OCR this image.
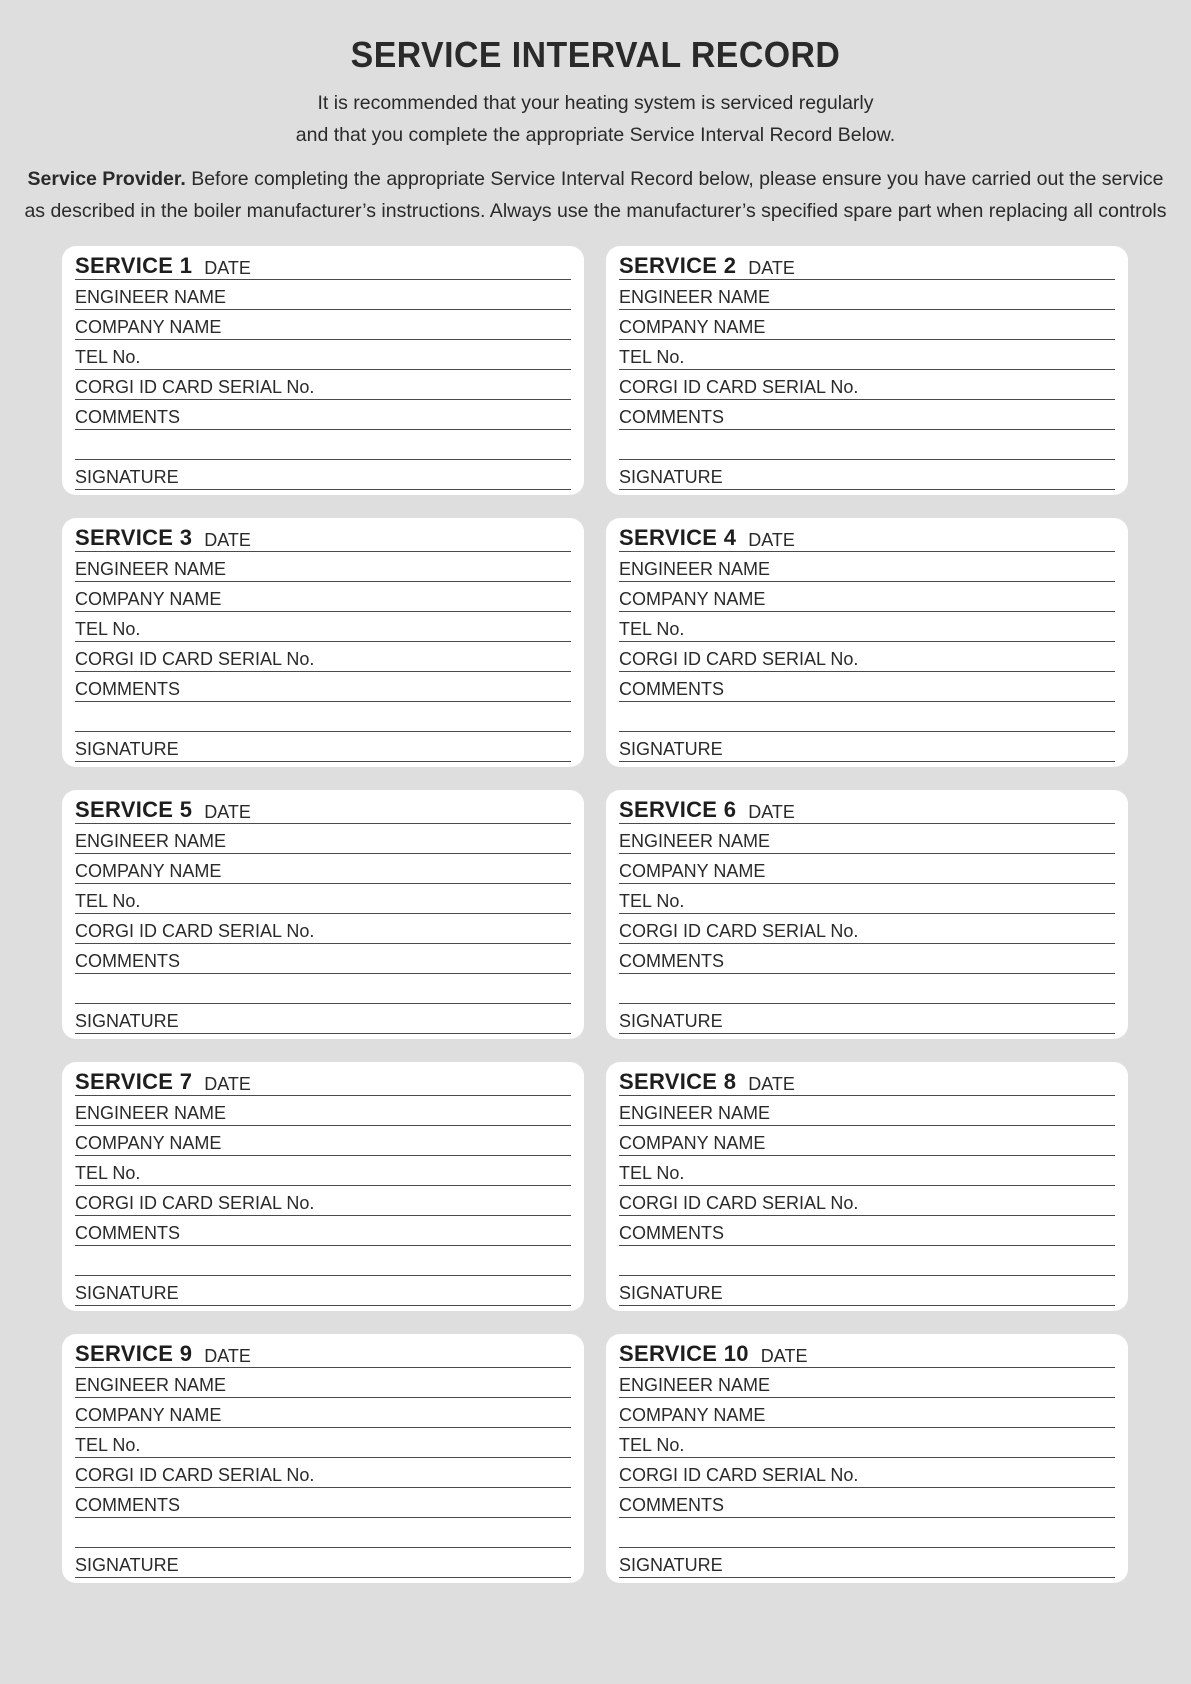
SERVICE INTERVAL RECORD
It is recommended that your heating system is serviced regularly
and that you complete the appropriate Service Interval Record Below.
Service Provider. Before completing the appropriate Service Interval Record below, please ensure you have carried out the service
as described in the boiler manufacturer’s instructions. Always use the manufacturer’s specified spare part when replacing all controls
SERVICE 1 DATE
ENGINEER NAME
COMPANY NAME
TEL No.
CORGI ID CARD SERIAL No.
COMMENTS
SIGNATURE
SERVICE 2 DATE
ENGINEER NAME
COMPANY NAME
TEL No.
CORGI ID CARD SERIAL No.
COMMENTS
SIGNATURE
SERVICE 3 DATE
ENGINEER NAME
COMPANY NAME
TEL No.
CORGI ID CARD SERIAL No.
COMMENTS
SIGNATURE
SERVICE 4 DATE
ENGINEER NAME
COMPANY NAME
TEL No.
CORGI ID CARD SERIAL No.
COMMENTS
SIGNATURE
SERVICE 5 DATE
ENGINEER NAME
COMPANY NAME
TEL No.
CORGI ID CARD SERIAL No.
COMMENTS
SIGNATURE
SERVICE 6 DATE
ENGINEER NAME
COMPANY NAME
TEL No.
CORGI ID CARD SERIAL No.
COMMENTS
SIGNATURE
SERVICE 7 DATE
ENGINEER NAME
COMPANY NAME
TEL No.
CORGI ID CARD SERIAL No.
COMMENTS
SIGNATURE
SERVICE 8 DATE
ENGINEER NAME
COMPANY NAME
TEL No.
CORGI ID CARD SERIAL No.
COMMENTS
SIGNATURE
SERVICE 9 DATE
ENGINEER NAME
COMPANY NAME
TEL No.
CORGI ID CARD SERIAL No.
COMMENTS
SIGNATURE
SERVICE 10 DATE
ENGINEER NAME
COMPANY NAME
TEL No.
CORGI ID CARD SERIAL No.
COMMENTS
SIGNATURE
